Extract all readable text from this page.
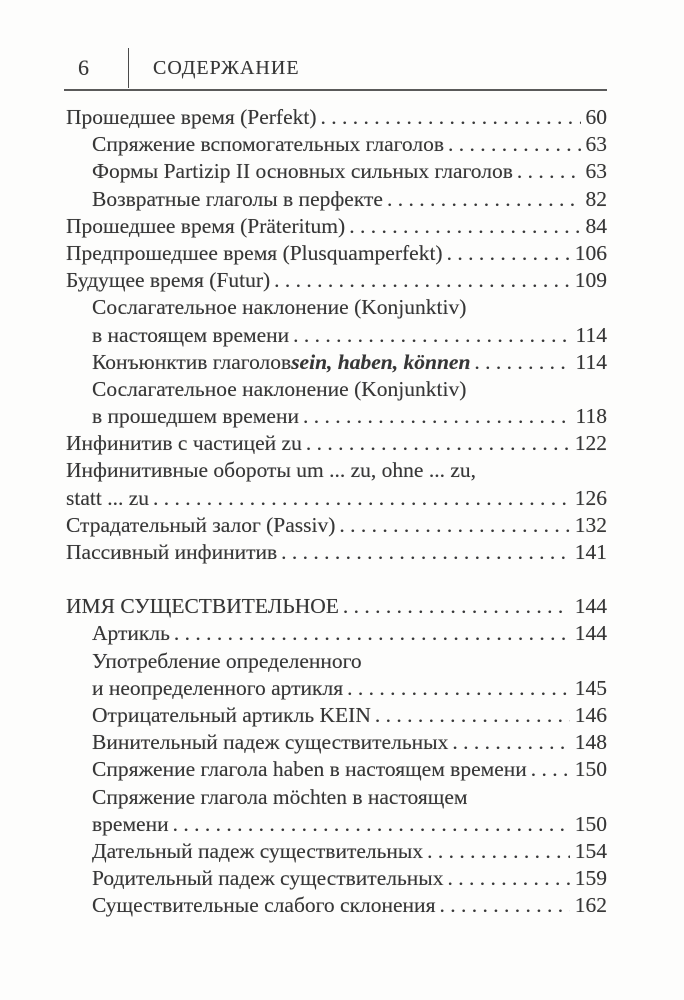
6	СОДЕРЖАНИЕ
Прошедшее время (Perfekt) . . .	60
Спряжение вспомогательных глаголов . . .	63
Формы Partizip II основных сильных глаголов . . .	63
Возвратные глаголы в перфекте . . .	82
Прошедшее время (Präteritum) . . .	84
Предпрошедшее время (Plusquamperfekt) . . .	106
Будущее время (Futur) . . .	109
Сослагательное наклонение (Konjunktiv)
в настоящем времени . . .	114
Конъюнктив глаголов sein, haben, können . . .	114
Сослагательное наклонение (Konjunktiv)
в прошедшем времени . . .	118
Инфинитив с частицей zu . . .	122
Инфинитивные обороты um ... zu, ohne ... zu,
statt ... zu . . .	126
Страдательный залог (Passiv) . . .	132
Пассивный инфинитив . . .	141
ИМЯ СУЩЕСТВИТЕЛЬНОЕ . . .	144
Артикль . . .	144
Употребление определенного
и неопределенного артикля . . .	145
Отрицательный артикль KEIN . . .	146
Винительный падеж существительных . . .	148
Спряжение глагола haben в настоящем времени . . . 150
Спряжение глагола möchten в настоящем
времени . . .	150
Дательный падеж существительных . . .	154
Родительный падеж существительных . . .	159
Существительные слабого склонения . . .	162
